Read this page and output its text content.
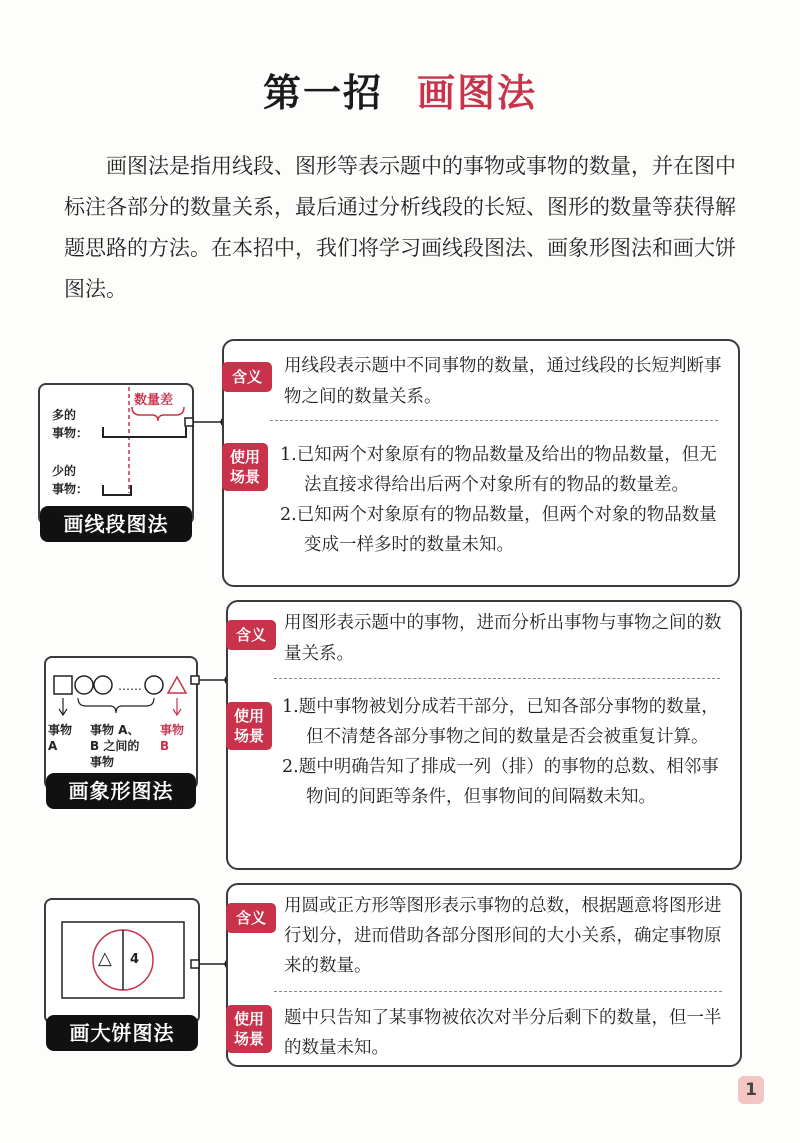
第一招 画图法
画图法是指用线段、图形等表示题中的事物或事物的数量，并在图中标注各部分的数量关系，最后通过分析线段的长短、图形的数量等获得解题思路的方法。在本招中，我们将学习画线段图法、画象形图法和画大饼图法。
数量差
多的
事物：
少的
事物：
画线段图法
含义
用线段表示题中不同事物的数量，通过线段的长短判断事物之间的数量关系。
使用
场景

1.已知两个对象原有的物品数量及给出的物品数量，但无法直接求得给出后两个对象所有的物品的数量差。

2.已知两个对象原有的物品数量，但两个对象的物品数量变成一样多时的数量未知。

……
事物
A
事物 A、
B 之间的
事物
事物
B
画象形图法
含义
用图形表示题中的事物，进而分析出事物与事物之间的数量关系。
使用
场景

1.题中事物被划分成若干部分，已知各部分事物的数量，但不清楚各部分事物之间的数量是否会被重复计算。

2.题中明确告知了排成一列（排）的事物的总数、相邻事物间的间距等条件，但事物间的间隔数未知。

△ 4
画大饼图法
含义
用圆或正方形等图形表示事物的总数，根据题意将图形进行划分，进而借助各部分图形间的大小关系，确定事物原来的数量。
使用
场景
题中只告知了某事物被依次对半分后剩下的数量，但一半的数量未知。
1
